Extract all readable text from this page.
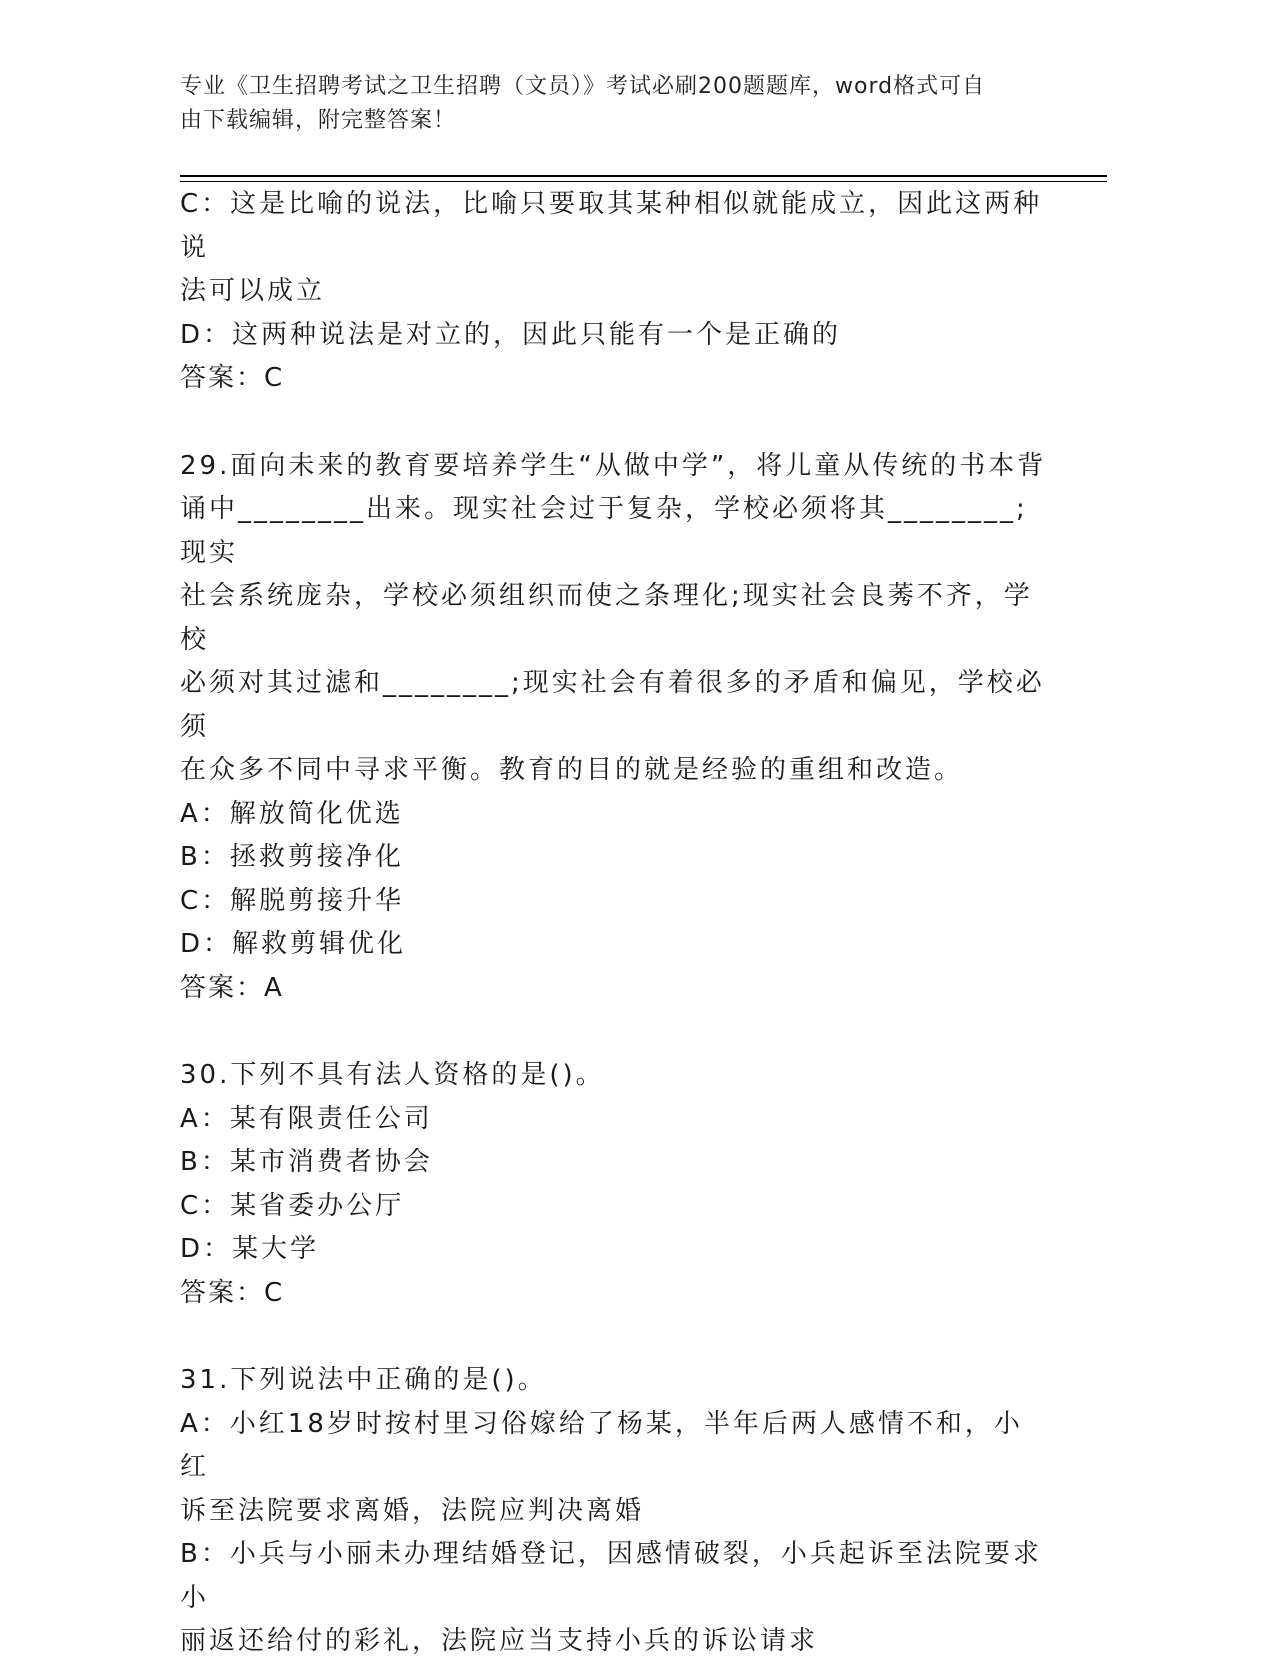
专业《卫生招聘考试之卫生招聘（文员）》考试必刷200题题库，word格式可自
由下载编辑，附完整答案！
C：这是比喻的说法，比喻只要取其某种相似就能成立，因此这两种说
法可以成立
D：这两种说法是对立的，因此只能有一个是正确的
答案：C
29.面向未来的教育要培养学生“从做中学”，将儿童从传统的书本背
诵中________出来。现实社会过于复杂，学校必须将其________;现实
社会系统庞杂，学校必须组织而使之条理化;现实社会良莠不齐，学校
必须对其过滤和________;现实社会有着很多的矛盾和偏见，学校必须
在众多不同中寻求平衡。教育的目的就是经验的重组和改造。
A：解放简化优选
B：拯救剪接净化
C：解脱剪接升华
D：解救剪辑优化
答案：A
30.下列不具有法人资格的是()。
A：某有限责任公司
B：某市消费者协会
C：某省委办公厅
D：某大学
答案：C
31.下列说法中正确的是()。
A：小红18岁时按村里习俗嫁给了杨某，半年后两人感情不和，小红
诉至法院要求离婚，法院应判决离婚
B：小兵与小丽未办理结婚登记，因感情破裂，小兵起诉至法院要求小
丽返还给付的彩礼，法院应当支持小兵的诉讼请求
